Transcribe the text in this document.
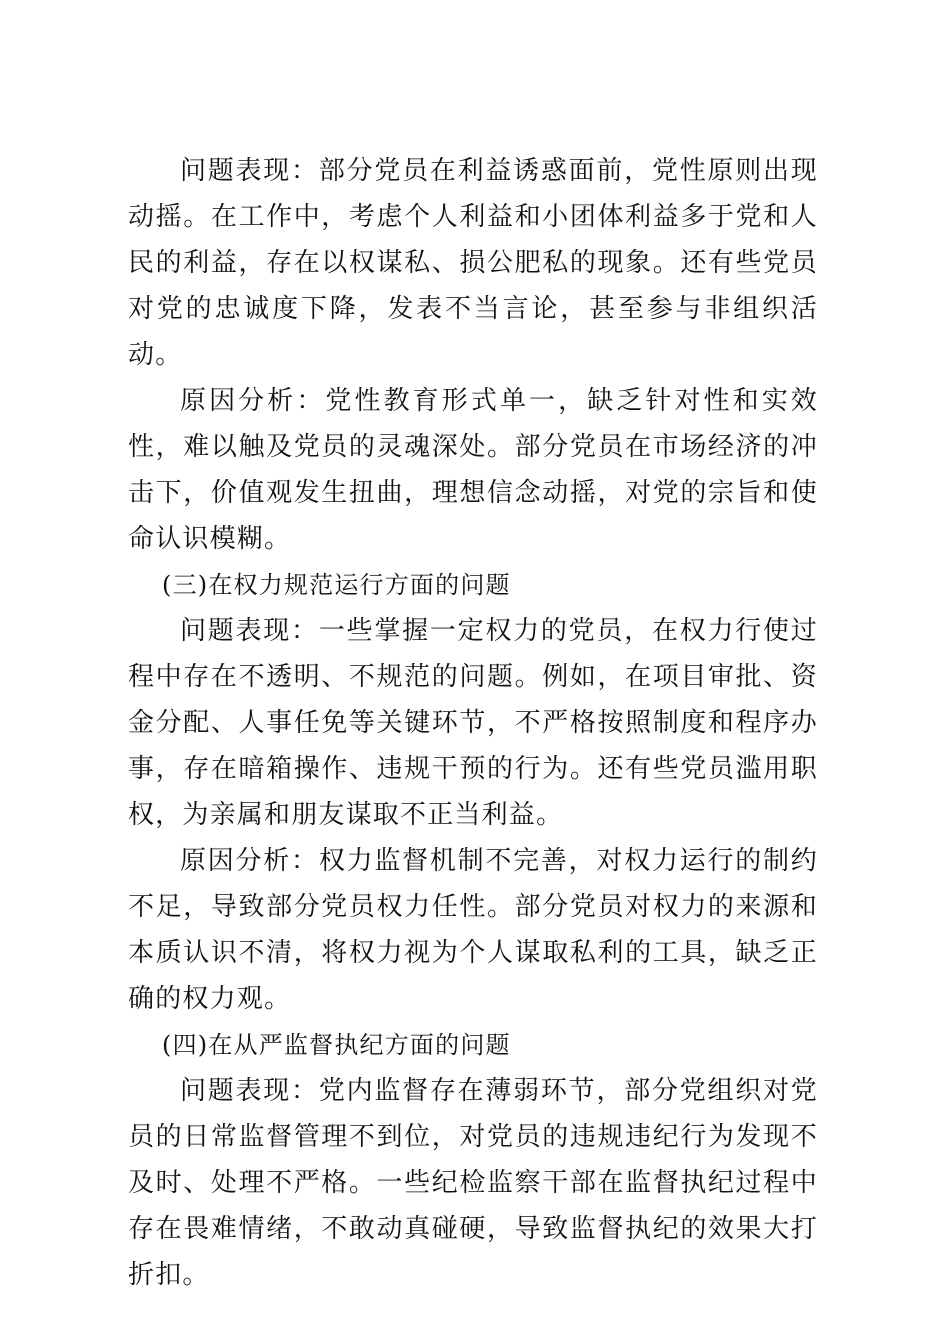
问题表现：部分党员在利益诱惑面前，党性原则出现动摇。在工作中，考虑个人利益和小团体利益多于党和人民的利益，存在以权谋私、损公肥私的现象。还有些党员对党的忠诚度下降，发表不当言论，甚至参与非组织活动。

原因分析：党性教育形式单一，缺乏针对性和实效性，难以触及党员的灵魂深处。部分党员在市场经济的冲击下，价值观发生扭曲，理想信念动摇，对党的宗旨和使命认识模糊。

(三)在权力规范运行方面的问题

问题表现：一些掌握一定权力的党员，在权力行使过程中存在不透明、不规范的问题。例如，在项目审批、资金分配、人事任免等关键环节，不严格按照制度和程序办事，存在暗箱操作、违规干预的行为。还有些党员滥用职权，为亲属和朋友谋取不正当利益。

原因分析：权力监督机制不完善，对权力运行的制约不足，导致部分党员权力任性。部分党员对权力的来源和本质认识不清，将权力视为个人谋取私利的工具，缺乏正确的权力观。

(四)在从严监督执纪方面的问题

问题表现：党内监督存在薄弱环节，部分党组织对党员的日常监督管理不到位，对党员的违规违纪行为发现不及时、处理不严格。一些纪检监察干部在监督执纪过程中存在畏难情绪，不敢动真碰硬，导致监督执纪的效果大打折扣。
